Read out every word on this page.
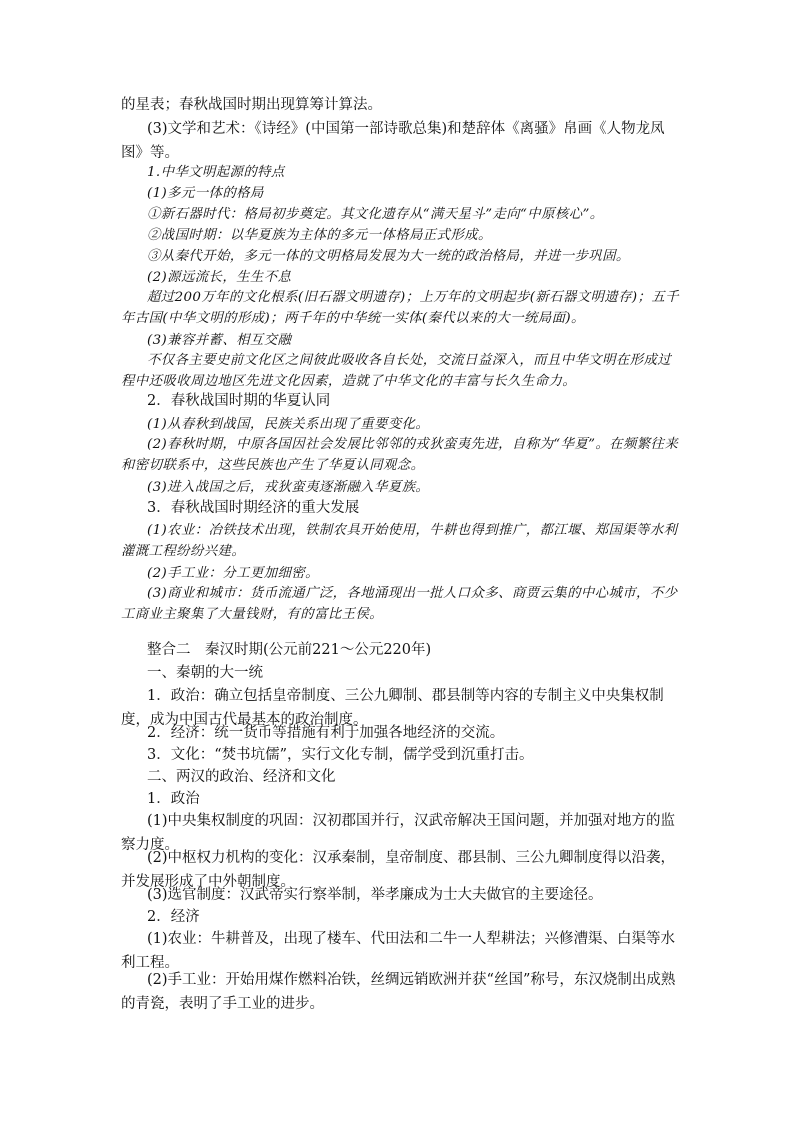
的星表；春秋战国时期出现算筹计算法。

(3)文学和艺术：《诗经》(中国第一部诗歌总集)和楚辞体《离骚》帛画《人物龙凤图》等。

1.中华文明起源的特点

(1)多元一体的格局

①新石器时代：格局初步奠定。其文化遗存从“满天星斗”走向“中原核心”。

②战国时期：以华夏族为主体的多元一体格局正式形成。

③从秦代开始，多元一体的文明格局发展为大一统的政治格局，并进一步巩固。

(2)源远流长，生生不息

超过200万年的文化根系(旧石器文明遗存)；上万年的文明起步(新石器文明遗存)；五千年古国(中华文明的形成)；两千年的中华统一实体(秦代以来的大一统局面)。

(3)兼容并蓄、相互交融

不仅各主要史前文化区之间彼此吸收各自长处，交流日益深入，而且中华文明在形成过程中还吸收周边地区先进文化因素，造就了中华文化的丰富与长久生命力。

2．春秋战国时期的华夏认同

(1)从春秋到战国，民族关系出现了重要变化。

(2)春秋时期，中原各国因社会发展比邻邻的戎狄蛮夷先进，自称为“华夏”。在频繁往来和密切联系中，这些民族也产生了华夏认同观念。

(3)进入战国之后，戎狄蛮夷逐渐融入华夏族。

3．春秋战国时期经济的重大发展

(1)农业：冶铁技术出现，铁制农具开始使用，牛耕也得到推广，都江堰、郑国渠等水利灌溉工程纷纷兴建。

(2)手工业：分工更加细密。

(3)商业和城市：货币流通广泛，各地涌现出一批人口众多、商贾云集的中心城市，不少工商业主聚集了大量钱财，有的富比王侯。

整合二　秦汉时期(公元前221～公元220年)

一、秦朝的大一统

1．政治：确立包括皇帝制度、三公九卿制、郡县制等内容的专制主义中央集权制度，成为中国古代最基本的政治制度。

2．经济：统一货币等措施有利于加强各地经济的交流。

3．文化：“焚书坑儒”，实行文化专制，儒学受到沉重打击。

二、两汉的政治、经济和文化

1．政治

(1)中央集权制度的巩固：汉初郡国并行，汉武帝解决王国问题，并加强对地方的监察力度。

(2)中枢权力机构的变化：汉承秦制，皇帝制度、郡县制、三公九卿制度得以沿袭，并发展形成了中外朝制度。

(3)选官制度：汉武帝实行察举制，举孝廉成为士大夫做官的主要途径。

2．经济

(1)农业：牛耕普及，出现了楼车、代田法和二牛一人犁耕法；兴修漕渠、白渠等水利工程。

(2)手工业：开始用煤作燃料冶铁，丝绸远销欧洲并获“丝国”称号，东汉烧制出成熟的青瓷，表明了手工业的进步。
